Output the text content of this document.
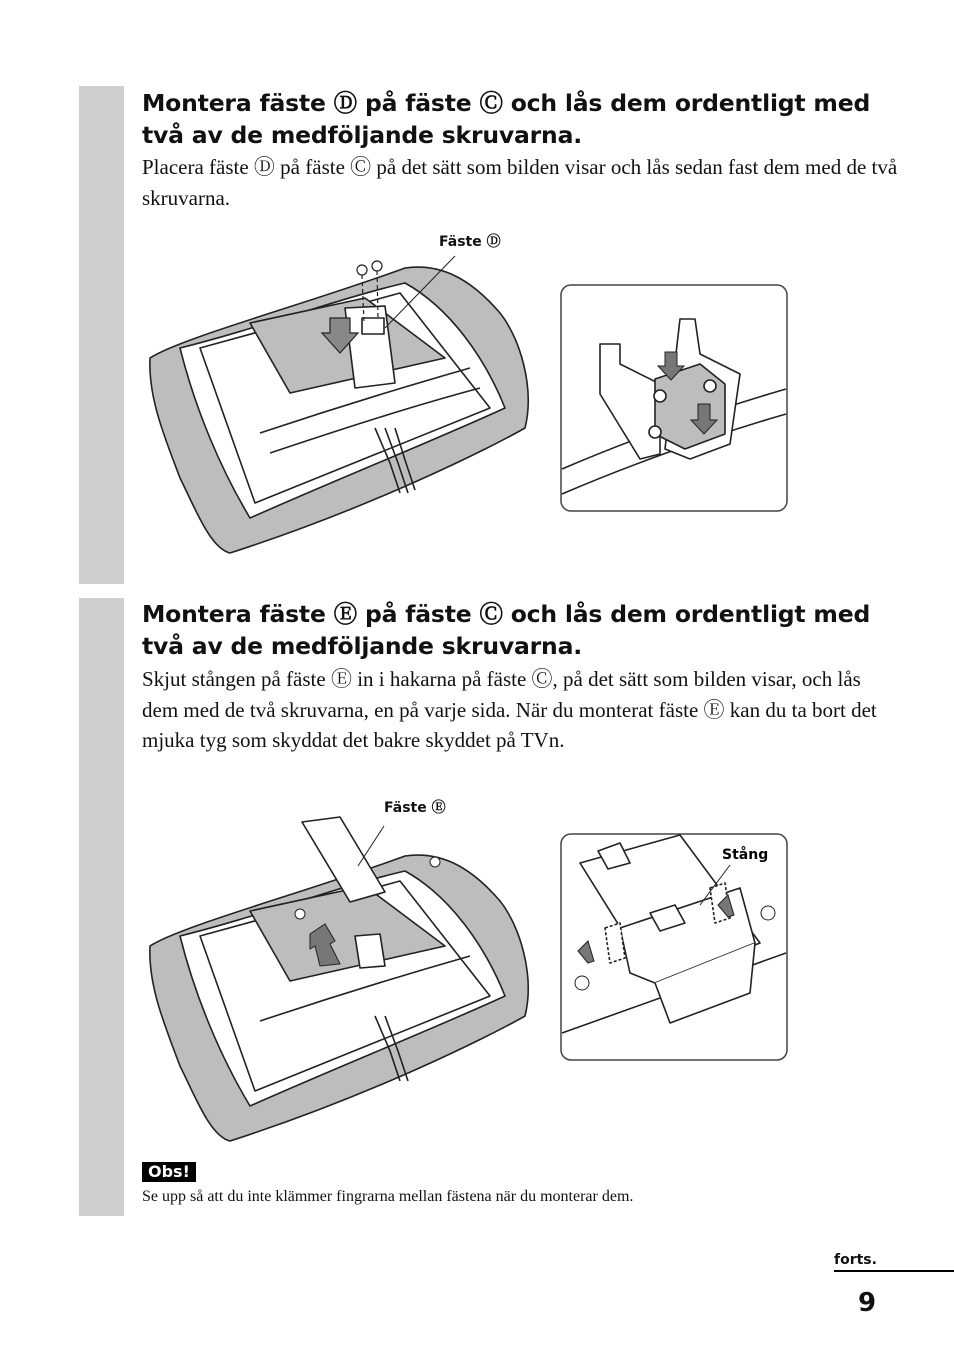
Montera fäste Ⓓ på fäste Ⓒ och lås dem ordentligt med två av de medföljande skruvarna.

Placera fäste Ⓓ på fäste Ⓒ på det sätt som bilden visar och lås sedan fast dem med de två skruvarna.

Fäste Ⓓ

Montera fäste Ⓔ på fäste Ⓒ och lås dem ordentligt med två av de medföljande skruvarna.

Skjut stången på fäste Ⓔ in i hakarna på fäste Ⓒ, på det sätt som bilden visar, och lås dem med de två skruvarna, en på varje sida. När du monterat fäste Ⓔ kan du ta bort det mjuka tyg som skyddat det bakre skyddet på TVn.

Fäste Ⓔ
Stång
Obs!
Se upp så att du inte klämmer fingrarna mellan fästena när du monterar dem.
forts.
9
